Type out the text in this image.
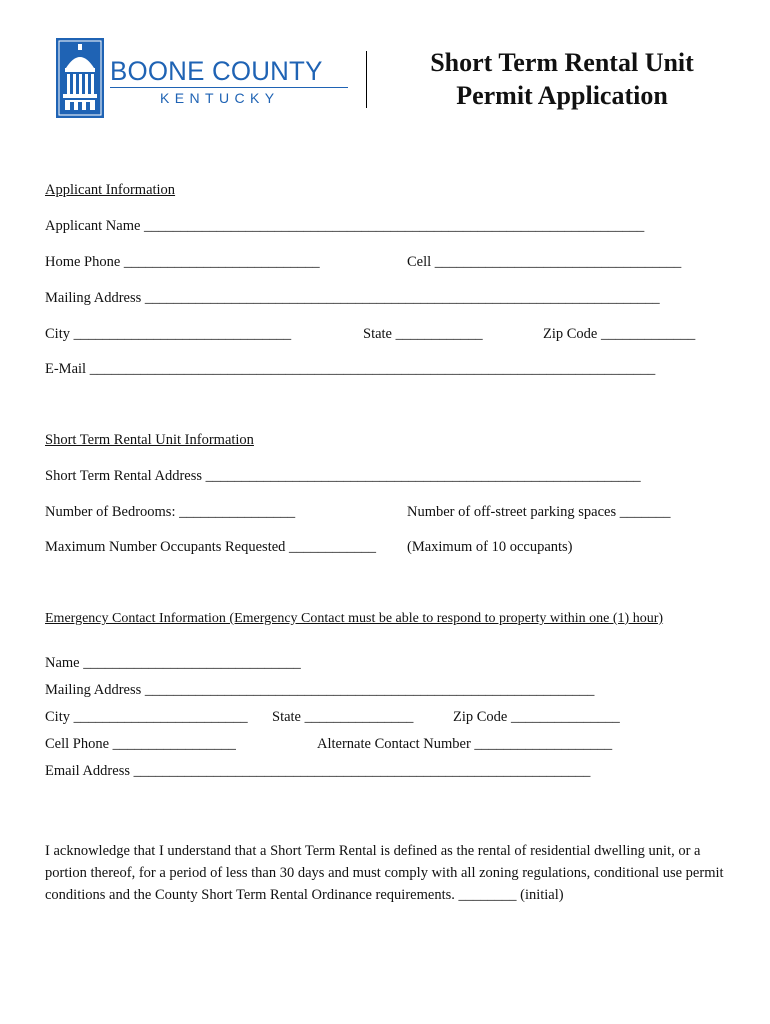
BOONE COUNTY
KENTUCKY
Short Term Rental Unit
Permit Application
Applicant Information
Applicant Name _____________________________________________________________________
Home Phone ___________________________	Cell __________________________________
Mailing Address _______________________________________________________________________
City ______________________________	State ____________	Zip Code _____________
E-Mail ______________________________________________________________________________
Short Term Rental Unit Information
Short Term Rental Address ____________________________________________________________
Number of Bedrooms: ________________	Number of off-street parking spaces _______
Maximum Number Occupants Requested ____________ (Maximum of 10 occupants)
Emergency Contact Information (Emergency Contact must be able to respond to property within one (1) hour)
Name ______________________________
Mailing Address ______________________________________________________________
City ________________________ State _______________	Zip Code _______________
Cell Phone _________________	Alternate Contact Number ___________________
Email Address _______________________________________________________________
I acknowledge that I understand that a Short Term Rental is defined as the rental of residential dwelling unit, or a portion thereof, for a period of less than 30 days and must comply with all zoning regulations, conditional use permit conditions and the County Short Term Rental Ordinance requirements. ________ (initial)
